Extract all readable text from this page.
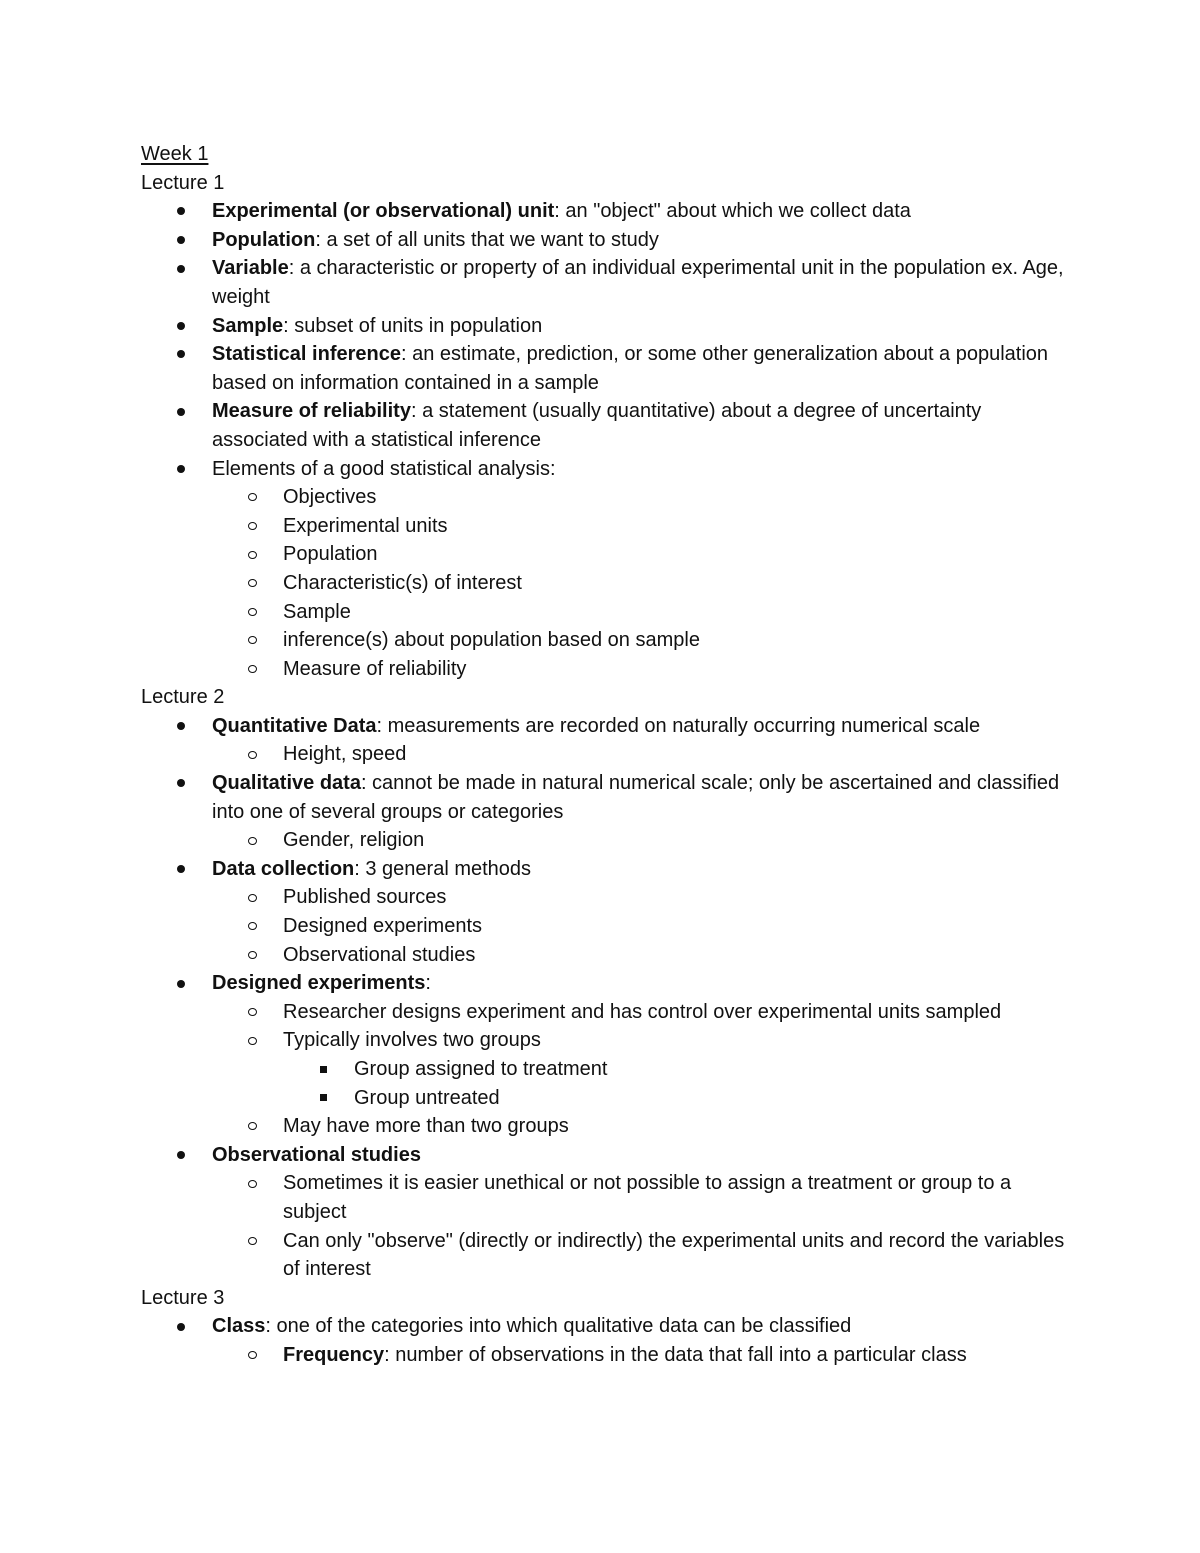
Week 1
Lecture 1
Experimental (or observational) unit: an "object" about which we collect data
Population: a set of all units that we want to study
Variable: a characteristic or property of an individual experimental unit in the population ex. Age, weight
Sample: subset of units in population
Statistical inference: an estimate, prediction, or some other generalization about a population based on information contained in a sample
Measure of reliability: a statement (usually quantitative) about a degree of uncertainty associated with a statistical inference
Elements of a good statistical analysis:
Objectives
Experimental units
Population
Characteristic(s) of interest
Sample
inference(s) about population based on sample
Measure of reliability
Lecture 2
Quantitative Data: measurements are recorded on naturally occurring numerical scale
Height, speed
Qualitative data: cannot be made in natural numerical scale; only be ascertained and classified into one of several groups or categories
Gender, religion
Data collection: 3 general methods
Published sources
Designed experiments
Observational studies
Designed experiments:
Researcher designs experiment and has control over experimental units sampled
Typically involves two groups
Group assigned to treatment
Group untreated
May have more than two groups
Observational studies
Sometimes it is easier unethical or not possible to assign a treatment or group to a subject
Can only "observe" (directly or indirectly) the experimental units and record the variables of interest
Lecture 3
Class: one of the categories into which qualitative data can be classified
Frequency: number of observations in the data that fall into a particular class
